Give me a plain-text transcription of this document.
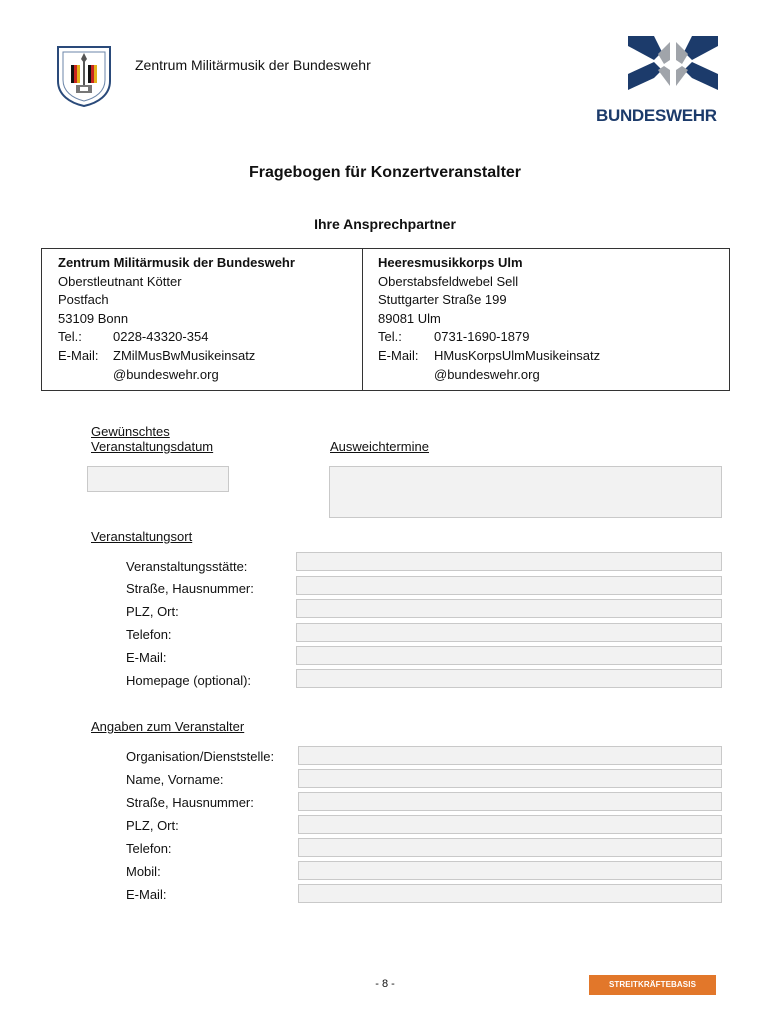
Zentrum Militärmusik der Bundeswehr
BUNDESWEHR
Fragebogen für Konzertveranstalter
Ihre Ansprechpartner
Zentrum Militärmusik der Bundeswehr
Oberstleutnant Kötter
Postfach
53109 Bonn
Tel.: 0228-43320-354
E-Mail: ZMilMusBwMusikeinsatz
@bundeswehr.org
Heeresmusikkorps Ulm
Oberstabsfeldwebel Sell
Stuttgarter Straße 199
89081 Ulm
Tel.: 0731-1690-1879
E-Mail: HMusKorpsUlmMusikeinsatz
@bundeswehr.org
Gewünschtes
Veranstaltungsdatum	Ausweichtermine
Veranstaltungsort
Veranstaltungsstätte:
Straße, Hausnummer:
PLZ, Ort:
Telefon:
E-Mail:
Homepage (optional):
Angaben zum Veranstalter
Organisation/Dienststelle:
Name, Vorname:
Straße, Hausnummer:
PLZ, Ort:
Telefon:
Mobil:
E-Mail:
- 8 -	STREITKRÄFTEBASIS
